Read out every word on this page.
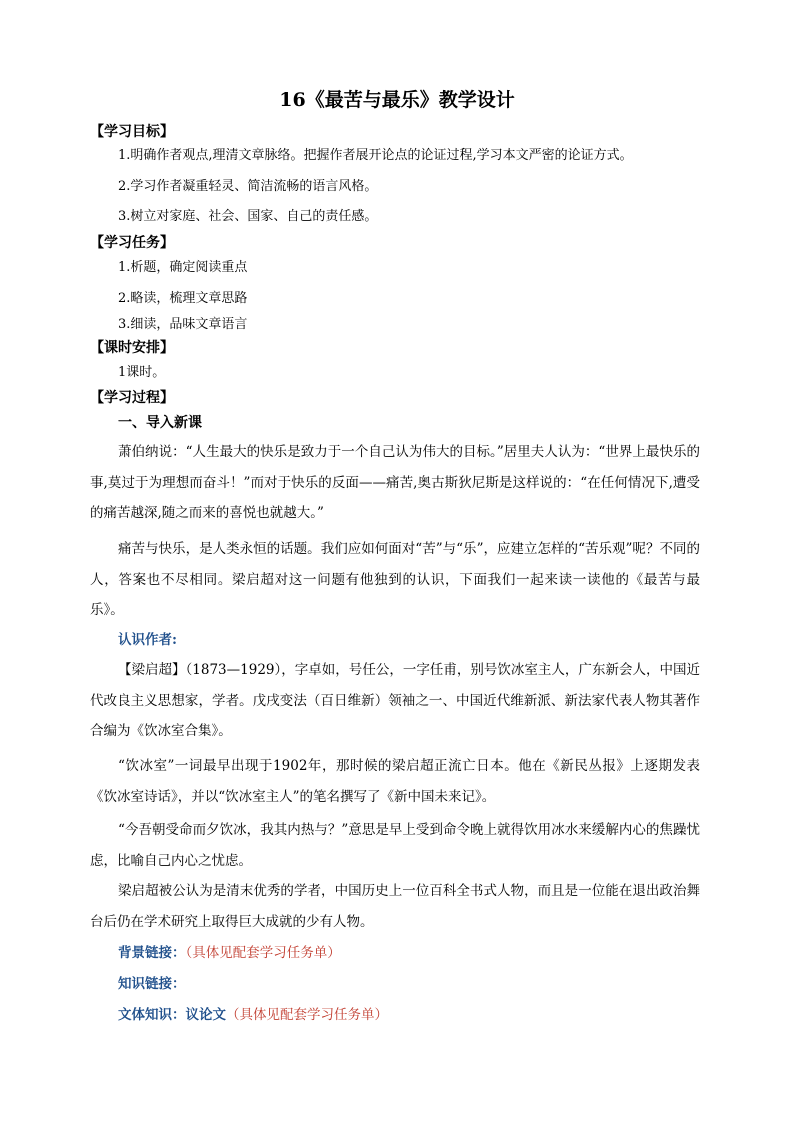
16《最苦与最乐》教学设计
【学习目标】
1.明确作者观点,理清文章脉络。把握作者展开论点的论证过程,学习本文严密的论证方式。
2.学习作者凝重轻灵、简洁流畅的语言风格。
3.树立对家庭、社会、国家、自己的责任感。
【学习任务】
1.析题，确定阅读重点
2.略读，梳理文章思路
3.细读，品味文章语言
【课时安排】
1课时。
【学习过程】
一、导入新课
萧伯纳说：“人生最大的快乐是致力于一个自己认为伟大的目标。”居里夫人认为：“世界上最快乐的事,莫过于为理想而奋斗！”而对于快乐的反面——痛苦,奥古斯狄尼斯是这样说的：“在任何情况下,遭受的痛苦越深,随之而来的喜悦也就越大。”
痛苦与快乐，是人类永恒的话题。我们应如何面对“苦”与“乐”，应建立怎样的“苦乐观”呢？不同的人，答案也不尽相同。梁启超对这一问题有他独到的认识，下面我们一起来读一读他的《最苦与最乐》。
认识作者:
【梁启超】（1873—1929），字卓如，号任公，一字任甫，别号饮冰室主人，广东新会人，中国近代改良主义思想家，学者。戊戌变法（百日维新）领袖之一、中国近代维新派、新法家代表人物其著作合编为《饮冰室合集》。
“饮冰室”一词最早出现于1902年，那时候的梁启超正流亡日本。他在《新民丛报》上逐期发表《饮冰室诗话》，并以“饮冰室主人”的笔名撰写了《新中国未来记》。
“今吾朝受命而夕饮冰，我其内热与？”意思是早上受到命令晚上就得饮用冰水来缓解内心的焦躁忧虑，比喻自己内心之忧虑。
梁启超被公认为是清末优秀的学者，中国历史上一位百科全书式人物，而且是一位能在退出政治舞台后仍在学术研究上取得巨大成就的少有人物。
背景链接：（具体见配套学习任务单）
知识链接：
文体知识：议论文（具体见配套学习任务单）
